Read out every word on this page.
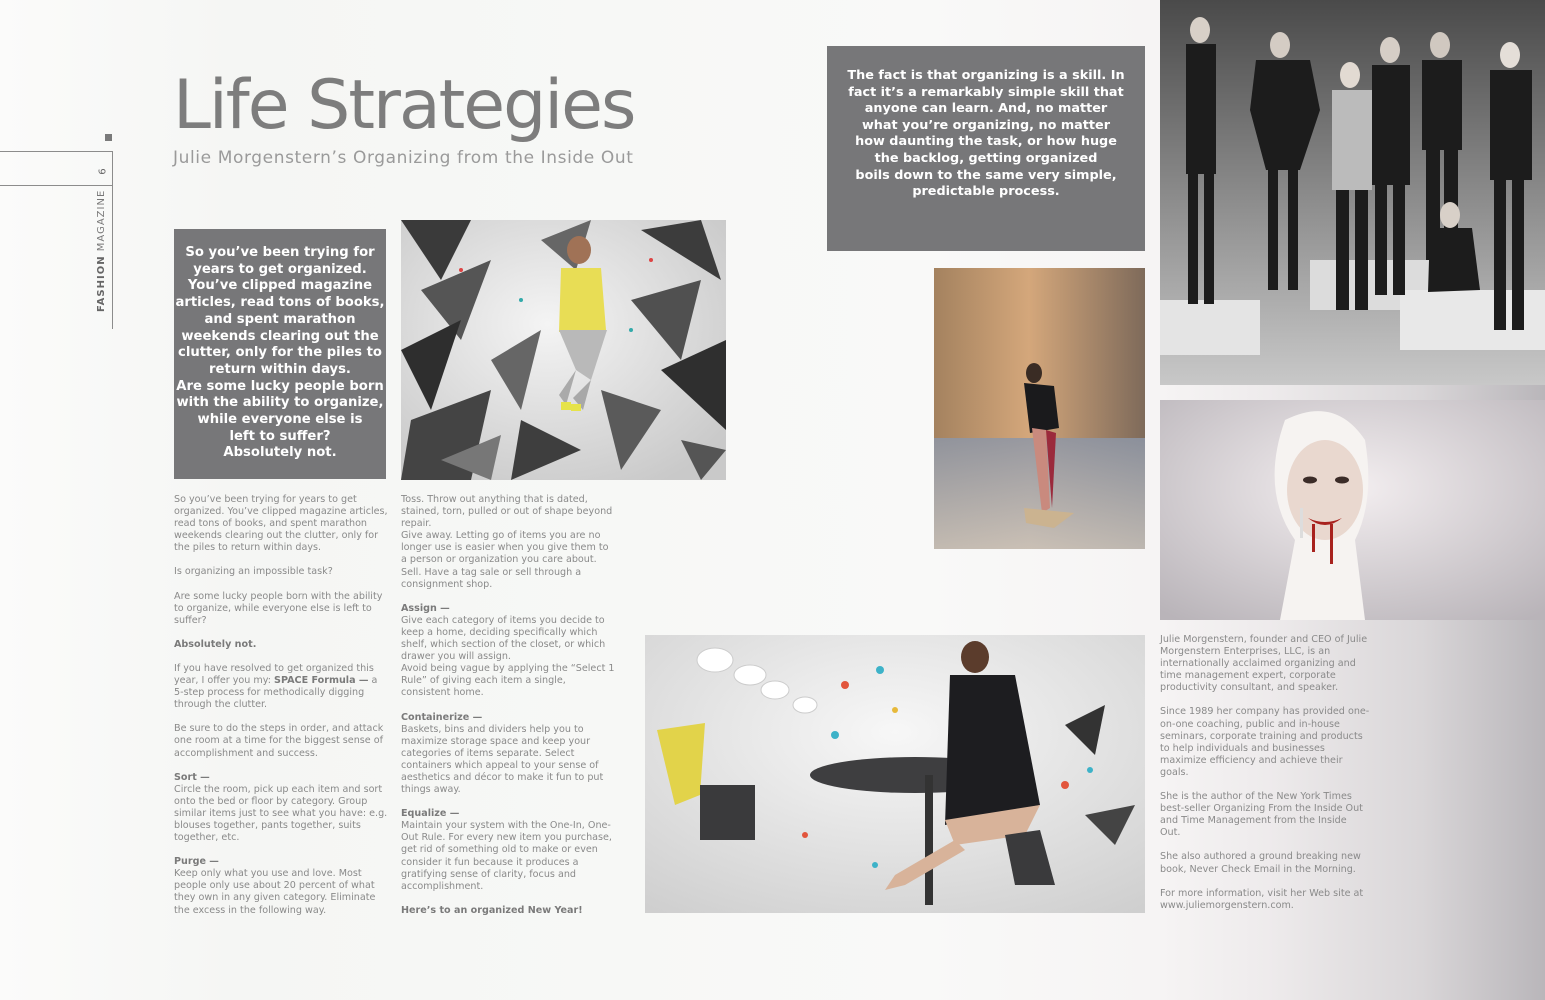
6
FASHION MAGAZINE
Life Strategies
Julie Morgenstern’s Organizing from the Inside Out

So you’ve been trying for

years to get organized.

You’ve clipped magazine

articles, read tons of books,

and spent marathon

weekends clearing out the

clutter, only for the piles to

return within days.

Are some lucky people born

with the ability to organize,

while everyone else is

left to suffer?

Absolutely not.

The fact is that organizing is a skill. In

fact it’s a remarkably simple skill that

anyone can learn. And, no matter

what you’re organizing, no matter

how daunting the task, or how huge

the backlog, getting organized

boils down to the same very simple,

predictable process.

So you’ve been trying for years to get organized. You’ve clipped magazine articles, read tons of books, and spent marathon weekends clearing out the clutter, only for the piles to return within days.

Is organizing an impossible task?

Are some lucky people born with the ability to organize, while everyone else is left to suffer?

Absolutely not.

If you have resolved to get organized this year, I offer you my: SPACE Formula — a 5-step process for methodically digging through the clutter.

Be sure to do the steps in order, and attack one room at a time for the biggest sense of accomplishment and success.

Sort —

Circle the room, pick up each item and sort onto the bed or floor by category. Group similar items just to see what you have: e.g. blouses together, pants together, suits together, etc.

Purge —

Keep only what you use and love. Most people only use about 20 percent of what they own in any given category. Eliminate the excess in the following way.

Toss. Throw out anything that is dated, stained, torn, pulled or out of shape beyond repair.
Give away. Letting go of items you are no longer use is easier when you give them to a person or organization you care about.

Sell. Have a tag sale or sell through a consignment shop.

Assign —
Give each category of items you decide to keep a home, deciding specifically which shelf, which section of the closet, or which drawer you will assign.

Avoid being vague by applying the “Select 1 Rule” of giving each item a single, consistent home.

Containerize —

Baskets, bins and dividers help you to maximize storage space and keep your categories of items separate. Select containers which appeal to your sense of aesthetics and décor to make it fun to put things away.

Equalize —

Maintain your system with the One-In, One-Out Rule. For every new item you purchase, get rid of something old to make or even consider it fun because it produces a gratifying sense of clarity, focus and accomplishment.

Here’s to an organized New Year!

Julie Morgenstern, founder and CEO of Julie Morgenstern Enterprises, LLC, is an internationally acclaimed organizing and time management expert, corporate productivity consultant, and speaker.

Since 1989 her company has provided one-on-one coaching, public and in-house seminars, corporate training and products to help individuals and businesses maximize efficiency and achieve their goals.

She is the author of the New York Times best-seller Organizing From the Inside Out and Time Management from the Inside Out.

She also authored a ground breaking new book, Never Check Email in the Morning.

For more information, visit her Web site at www.juliemorgenstern.com.
